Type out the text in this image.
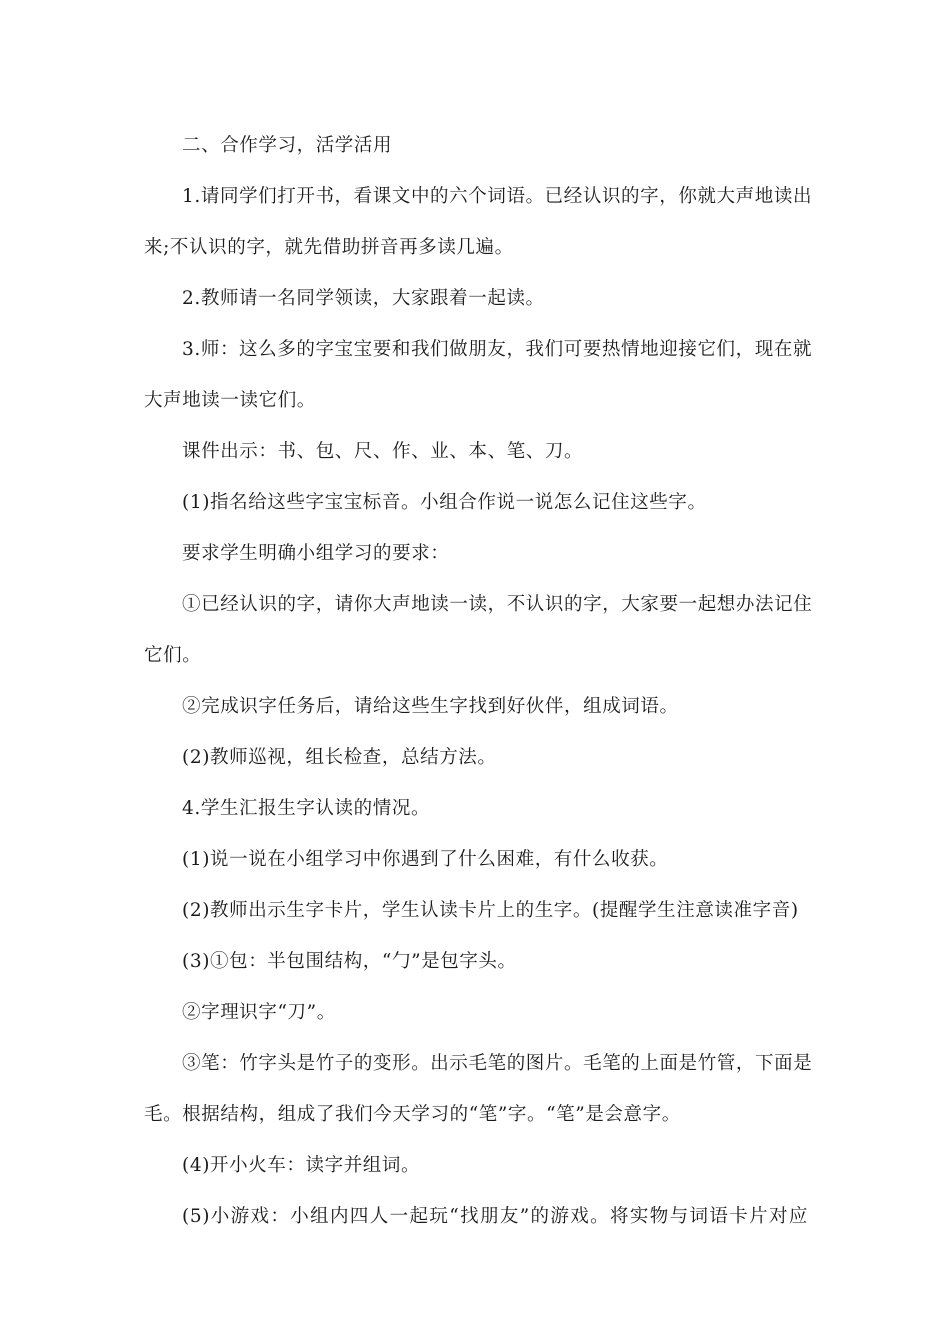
二、合作学习，活学活用
1.请同学们打开书，看课文中的六个词语。已经认识的字，你就大声地读出
来;不认识的字，就先借助拼音再多读几遍。
2.教师请一名同学领读，大家跟着一起读。
3.师：这么多的字宝宝要和我们做朋友，我们可要热情地迎接它们，现在就
大声地读一读它们。
课件出示：书、包、尺、作、业、本、笔、刀。
(1)指名给这些字宝宝标音。小组合作说一说怎么记住这些字。
要求学生明确小组学习的要求：
①已经认识的字，请你大声地读一读，不认识的字，大家要一起想办法记住
它们。
②完成识字任务后，请给这些生字找到好伙伴，组成词语。
(2)教师巡视，组长检查，总结方法。
4.学生汇报生字认读的情况。
(1)说一说在小组学习中你遇到了什么困难，有什么收获。
(2)教师出示生字卡片，学生认读卡片上的生字。(提醒学生注意读准字音)
(3)①包：半包围结构，“勹”是包字头。
②字理识字“刀”。
③笔：竹字头是竹子的变形。出示毛笔的图片。毛笔的上面是竹管，下面是
毛。根据结构，组成了我们今天学习的“笔”字。“笔”是会意字。
(4)开小火车：读字并组词。
(5)小游戏：小组内四人一起玩“找朋友”的游戏。将实物与词语卡片对应
